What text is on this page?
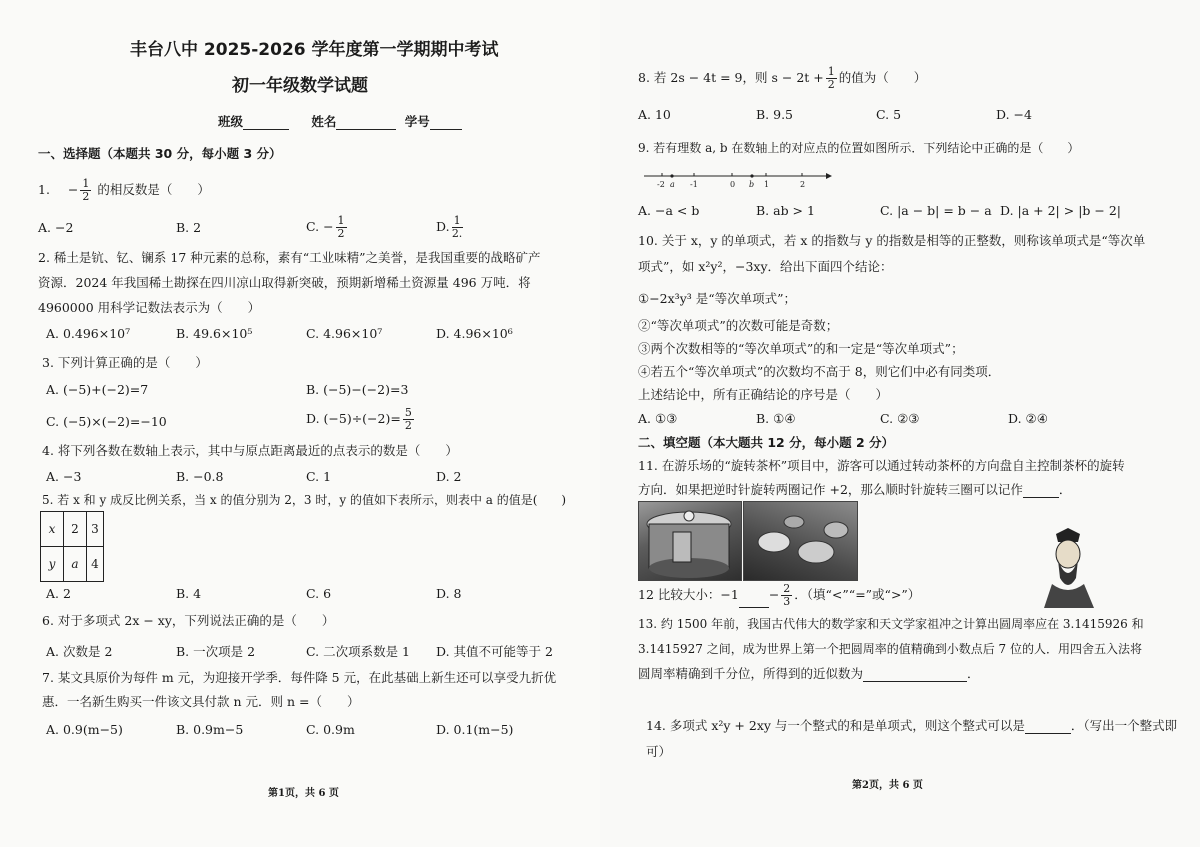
丰台八中 2025-2026 学年度第一学期期中考试
初一年级数学试题
班级	姓名	学号
一、选择题（本题共 30 分，每小题 3 分）
1. − $\frac{1}{2}$ 的相反数是（　　）
A. −2	B. 2	C. − $\frac{1}{2}$	D. $\frac{1}{2.}$
2. 稀土是钪、钇、镧系 17 种元素的总称，素有“工业味精”之美誉，是我国重要的战略矿产
资源．2024 年我国稀土勘探在四川凉山取得新突破，预期新增稀土资源量 496 万吨．将
4960000 用科学记数法表示为（　　）
A. 0.496×10⁷	B. 49.6×10⁵	C. 4.96×10⁷	D. 4.96×10⁶
3. 下列计算正确的是（　　）
A. (−5)+(−2)=7	B. (−5)−(−2)=3
C. (−5)×(−2)=−10	D. $(-5)\div(-2)= \frac{5}{2}$
4. 将下列各数在数轴上表示，其中与原点距离最近的点表示的数是（　　）
A. −3	B. −0.8	C. 1	D. 2
5. 若 x 和 y 成反比例关系，当 x 的值分别为 2，3 时，y 的值如下表所示，则表中 a 的值是(　　)
x	2	3
y	a	4
A. 2	B. 4	C. 6	D. 8
6. 对于多项式 2x − xy，下列说法正确的是（　　）
A. 次数是 2	B. 一次项是 2	C. 二次项系数是 1 D. 其值不可能等于 2
7. 某文具原价为每件 m 元，为迎接开学季．每件降 5 元，在此基础上新生还可以享受九折优
惠．一名新生购买一件该文具付款 n 元．则 n =（　　）
A. 0.9(m−5)	B. 0.9m−5	C. 0.9m	D. 0.1(m−5)
第1页，共 6 页
8. 若 2s − 4t = 9，则 $s - 2t + \frac{1}{2}$ 的值为（　　）
A. 10	B. 9.5	C. 5	D. −4
9. 若有理数 a, b 在数轴上的对应点的位置如图所示．下列结论中正确的是（　　）
-2 a -1	0 b 1	2
A. −a < b	B. ab > 1	C. |a − b| = b − a D. |a + 2| > |b − 2|
10. 关于 x，y 的单项式，若 x 的指数与 y 的指数是相等的正整数，则称该单项式是“等次单
项式”，如 x²y²，−3xy．给出下面四个结论：
①−2x³y³ 是“等次单项式”；
②“等次单项式”的次数可能是奇数；
③两个次数相等的“等次单项式”的和一定是“等次单项式”；
④若五个“等次单项式”的次数均不高于 8，则它们中必有同类项．
上述结论中，所有正确结论的序号是（　　）
A. ①③	B. ①④	C. ②③	D. ②④
二、填空题（本大题共 12 分，每小题 2 分）
11. 在游乐场的“旋转茶杯”项目中，游客可以通过转动茶杯的方向盘自主控制茶杯的旋转
方向．如果把逆时针旋转两圈记作 +2，那么顺时针旋转三圈可以记作	．
12 比较大小：$-1 - \frac{2}{3}$ ．（填“<”“=”或“>”）
13. 约 1500 年前，我国古代伟大的数学家和天文学家祖冲之计算出圆周率应在 3.1415926 和
3.1415927 之间，成为世界上第一个把圆周率的值精确到小数点后 7 位的人．用四舍五入法将
圆周率精确到千分位，所得到的近似数为	．
14. 多项式 x²y + 2xy 与一个整式的和是单项式，则这个整式可以是	．（写出一个整式即
可）
第2页，共 6 页
